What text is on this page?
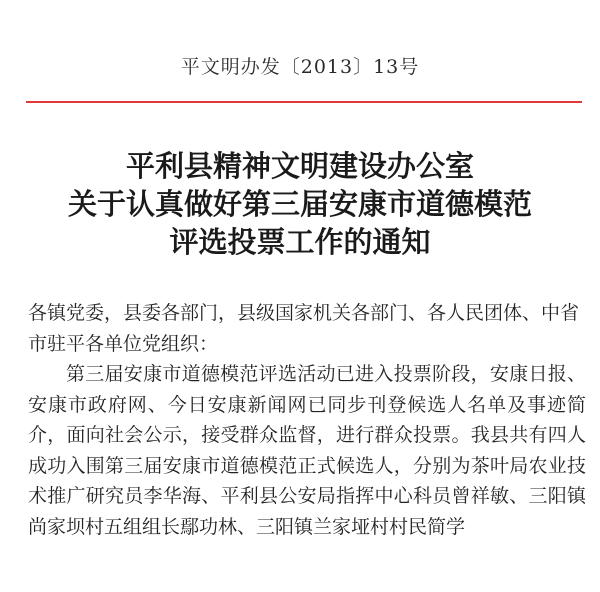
平文明办发〔2013〕13号
平利县精神文明建设办公室
关于认真做好第三届安康市道德模范
评选投票工作的通知

各镇党委，县委各部门，县级国家机关各部门、各人民团体、中省市驻平各单位党组织：

第三届安康市道德模范评选活动已进入投票阶段，安康日报、安康市政府网、今日安康新闻网已同步刊登候选人名单及事迹简介，面向社会公示，接受群众监督，进行群众投票。我县共有四人成功入围第三届安康市道德模范正式候选人，分别为茶叶局农业技术推广研究员李华海、平利县公安局指挥中心科员曾祥敏、三阳镇尚家坝村五组组长鄢功林、三阳镇兰家垭村村民简学
